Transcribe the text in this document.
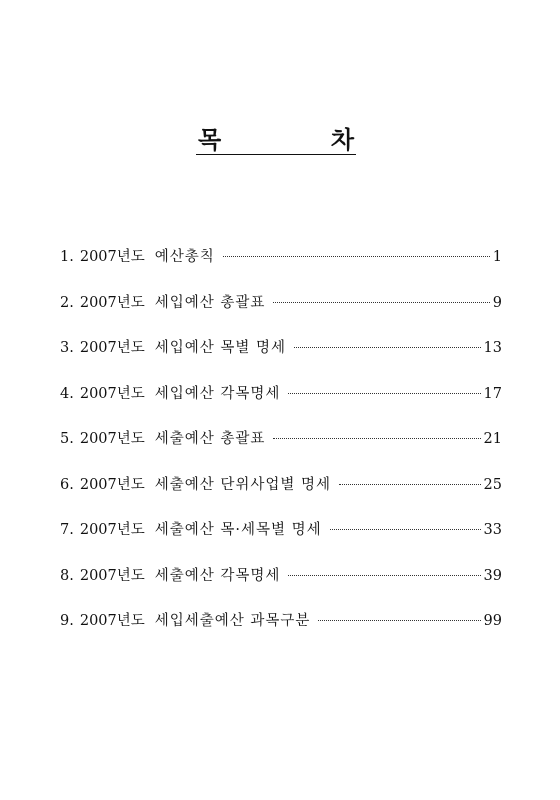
목	차
1. 2007년도 예산총칙	1
2. 2007년도 세입예산 총괄표	9
3. 2007년도 세입예산 목별 명세	13
4. 2007년도 세입예산 각목명세	17
5. 2007년도 세출예산 총괄표	21
6. 2007년도 세출예산 단위사업별 명세	25
7. 2007년도 세출예산 목·세목별 명세	33
8. 2007년도 세출예산 각목명세	39
9. 2007년도 세입세출예산 과목구분	99
